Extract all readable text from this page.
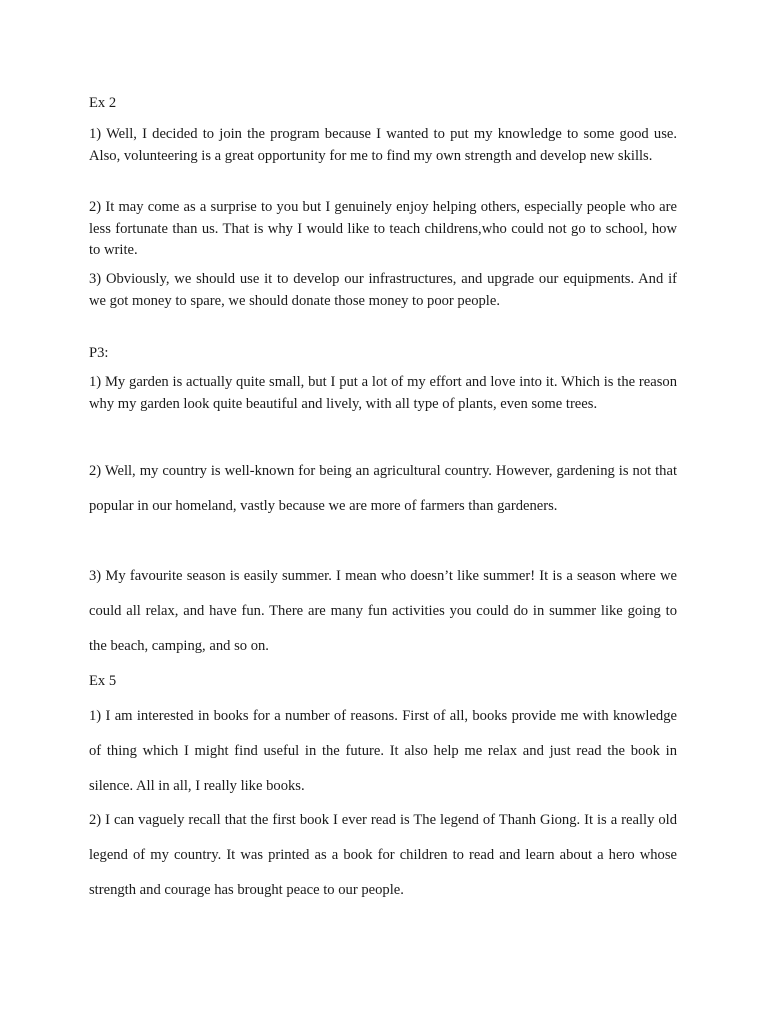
Ex 2

1) Well, I decided to join the program because I wanted to put my knowledge to some good use. Also, volunteering is a great opportunity for me to find my own strength and develop new skills.

2) It may come as a surprise to you but I genuinely enjoy helping others, especially people who are less fortunate than us. That is why I would like to teach childrens,who could not go to school, how to write.

3) Obviously, we should use it to develop our infrastructures, and upgrade our equipments. And if we got money to spare, we should donate those money to poor people.

P3:

1) My garden is actually quite small, but I put a lot of my effort and love into it. Which is the reason why my garden look quite beautiful and lively, with all type of plants, even some trees.

2) Well, my country is well-known for being an agricultural country. However, gardening is not that popular in our homeland, vastly because we are more of farmers than gardeners.

3) My favourite season is easily summer. I mean who doesn’t like summer! It is a season where we could all relax, and have fun. There are many fun activities you could do in summer like going to the beach, camping, and so on.

Ex 5

1) I am interested in books for a number of reasons. First of all, books provide me with knowledge of thing which I might find useful in the future. It also help me relax and just read the book in silence. All in all, I really like books.

2) I can vaguely recall that the first book I ever read is The legend of Thanh Giong. It is a really old legend of my country. It was printed as a book for children to read and learn about a hero whose strength and courage has brought peace to our people.
